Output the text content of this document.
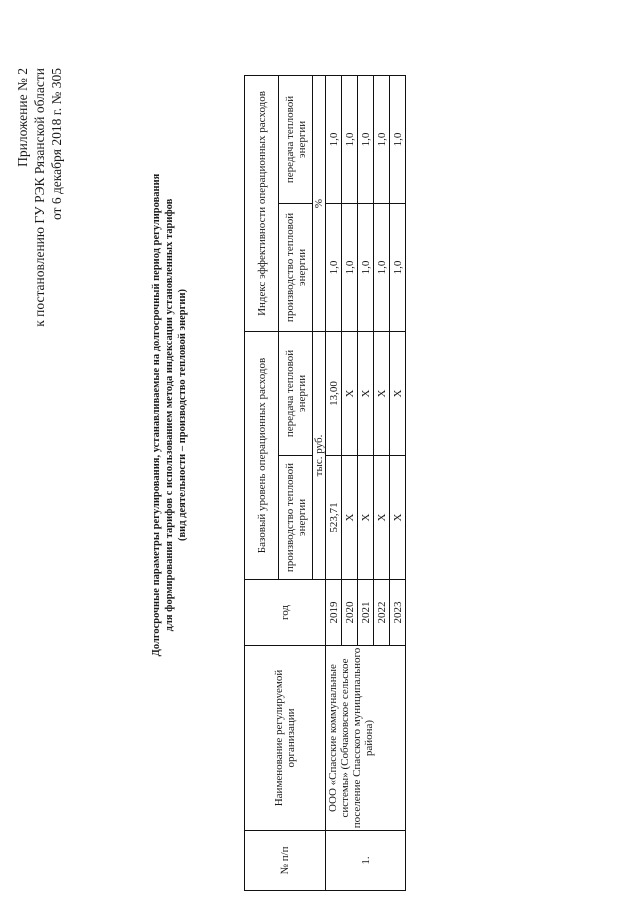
Приложение № 2 к постановлению ГУ РЭК Рязанской области от 6 декабря 2018 г. № 305
Долгосрочные параметры регулирования, устанавливаемые на долгосрочный период регулирования для формирования тарифов с использованием метода индексации установленных тарифов (вид деятельности – производство тепловой энергии)
№ п/п	Наименование регулируемой организации	год	Базовый уровень операционных расходов		Индекс эффективности операционных расходов	
			производство тепловой энергии	передача тепловой энергии	производство тепловой энергии	передача тепловой энергии
			тыс. руб.		%	
1.	ООО «Спасские коммунальные системы» (Собчаковское сельское поселение Спасского муниципального района)	2019	523,71	13,00	1,0	1,0
		2020	X	X	1,0	1,0
		2021	X	X	1,0	1,0
		2022	X	X	1,0	1,0
		2023	X	X	1,0	1,0
